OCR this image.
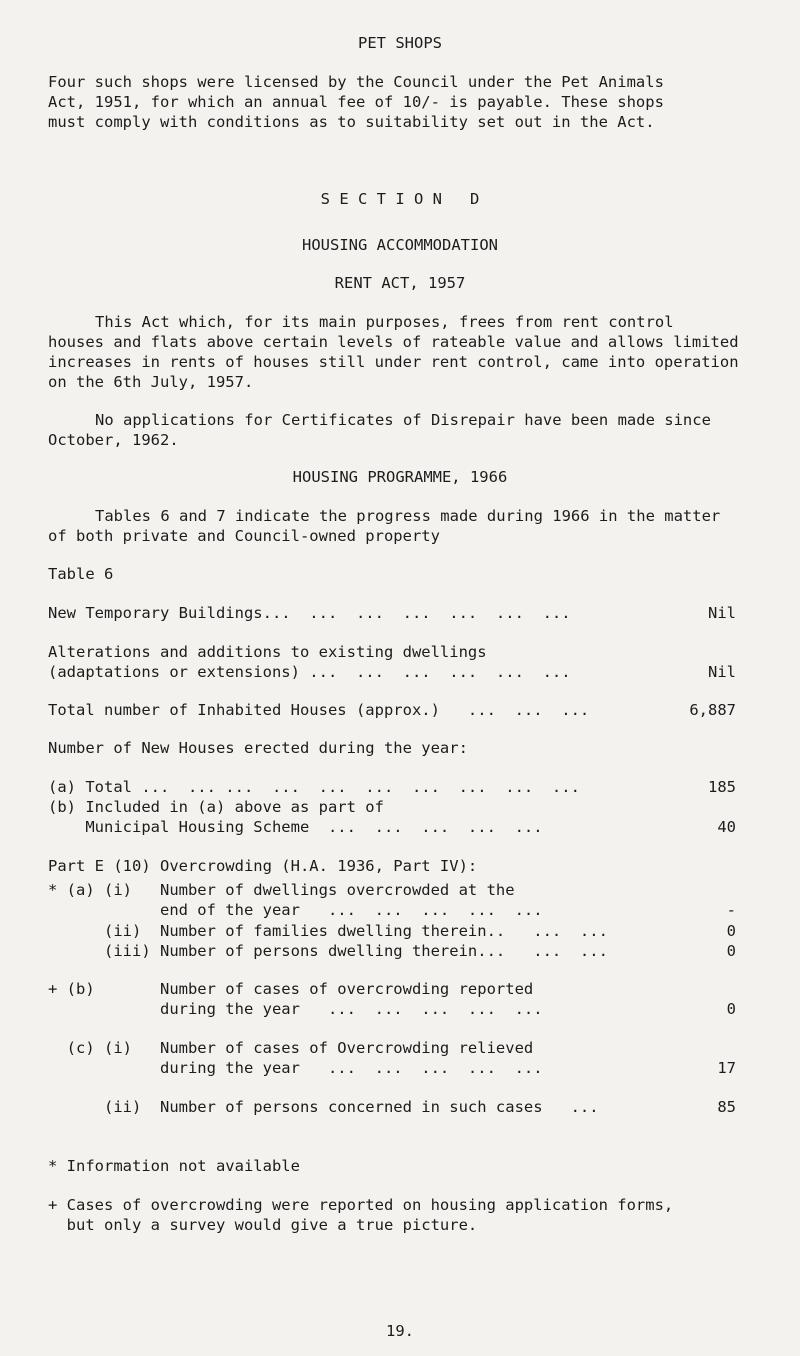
PET SHOPS
Four such shops were licensed by the Council under the Pet Animals
Act, 1951, for which an annual fee of 10/- is payable. These shops
must comply with conditions as to suitability set out in the Act.
S E C T I O N   D
HOUSING ACCOMMODATION
RENT ACT, 1957
This Act which, for its main purposes, frees from rent control
houses and flats above certain levels of rateable value and allows limited
increases in rents of houses still under rent control, came into operation
on the 6th July, 1957.
No applications for Certificates of Disrepair have been made since
October, 1962.
HOUSING PROGRAMME, 1966
Tables 6 and 7 indicate the progress made during 1966 in the matter
of both private and Council-owned property
Table 6
New Temporary Buildings...  ...  ...  ...  ...  ...  ...	Nil
Alterations and additions to existing dwellings
(adaptations or extensions) ...  ...  ...  ...  ...  ...	Nil
Total number of Inhabited Houses (approx.)   ...  ...  ...	6,887
Number of New Houses erected during the year:
(a) Total ...  ... ...  ...  ...  ...  ...  ...  ...  ...	185
(b) Included in (a) above as part of
Municipal Housing Scheme  ...  ...  ...  ...  ...	40
Part E (10) Overcrowding (H.A. 1936, Part IV):
* (a) (i)   Number of dwellings overcrowded at the
end of the year   ...  ...  ...  ...  ...	-
(ii)  Number of families dwelling therein..   ...  ...	0
(iii) Number of persons dwelling therein...   ...  ...	0
+ (b)       Number of cases of overcrowding reported
during the year   ...  ...  ...  ...  ...	0
(c) (i)   Number of cases of Overcrowding relieved
during the year   ...  ...  ...  ...  ...	17
(ii)  Number of persons concerned in such cases   ...	85
* Information not available
+ Cases of overcrowding were reported on housing application forms,
but only a survey would give a true picture.
19.
